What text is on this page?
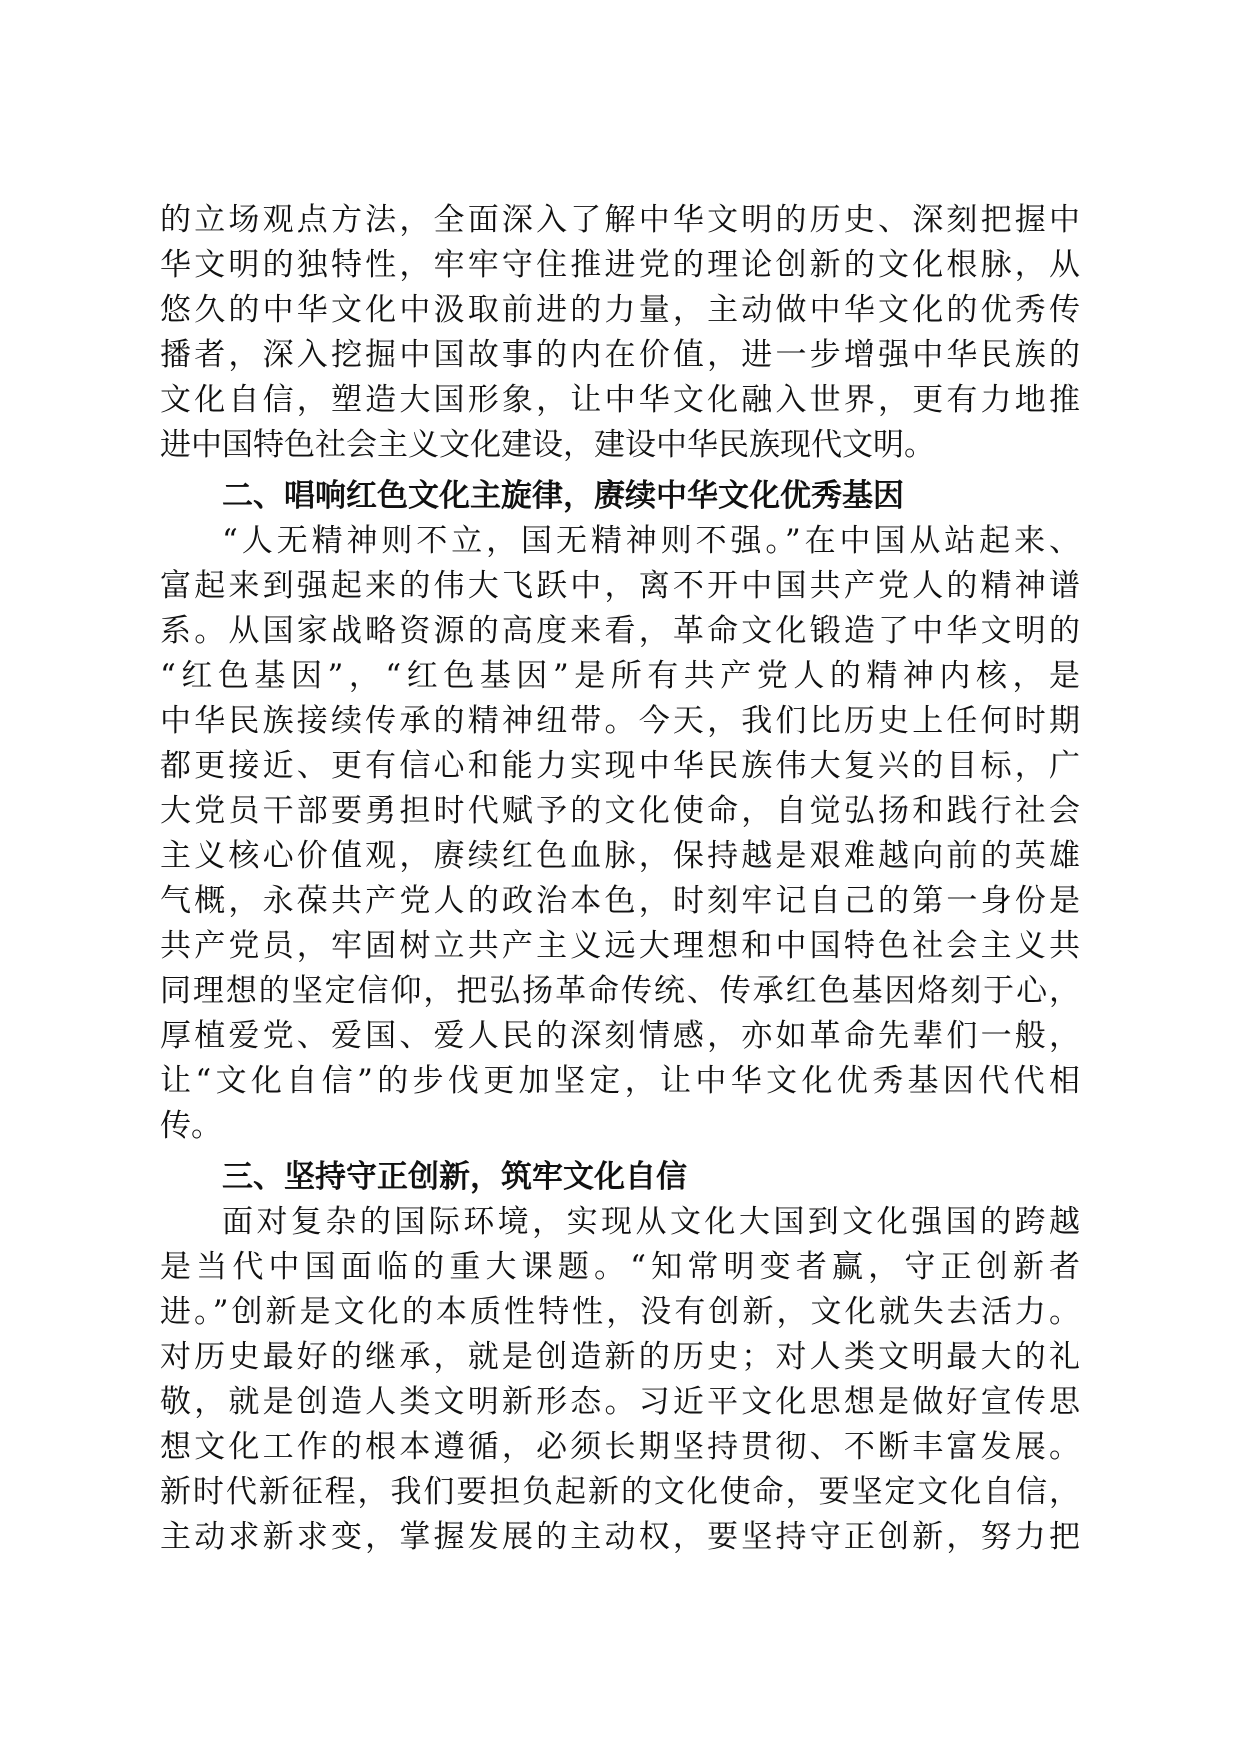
的立场观点方法，全面深入了解中华文明的历史、深刻把握中
华文明的独特性，牢牢守住推进党的理论创新的文化根脉，从
悠久的中华文化中汲取前进的力量，主动做中华文化的优秀传
播者，深入挖掘中国故事的内在价值，进一步增强中华民族的
文化自信，塑造大国形象，让中华文化融入世界，更有力地推
进中国特色社会主义文化建设，建设中华民族现代文明。
二、唱响红色文化主旋律，赓续中华文化优秀基因
“人无精神则不立，国无精神则不强。”在中国从站起来、
富起来到强起来的伟大飞跃中，离不开中国共产党人的精神谱
系。从国家战略资源的高度来看，革命文化锻造了中华文明的
“红色基因”，“红色基因”是所有共产党人的精神内核，是
中华民族接续传承的精神纽带。今天，我们比历史上任何时期
都更接近、更有信心和能力实现中华民族伟大复兴的目标，广
大党员干部要勇担时代赋予的文化使命，自觉弘扬和践行社会
主义核心价值观，赓续红色血脉，保持越是艰难越向前的英雄
气概，永葆共产党人的政治本色，时刻牢记自己的第一身份是
共产党员，牢固树立共产主义远大理想和中国特色社会主义共
同理想的坚定信仰，把弘扬革命传统、传承红色基因烙刻于心，
厚植爱党、爱国、爱人民的深刻情感，亦如革命先辈们一般，
让“文化自信”的步伐更加坚定，让中华文化优秀基因代代相
传。
三、坚持守正创新，筑牢文化自信
面对复杂的国际环境，实现从文化大国到文化强国的跨越
是当代中国面临的重大课题。“知常明变者赢，守正创新者
进。”创新是文化的本质性特性，没有创新，文化就失去活力。
对历史最好的继承，就是创造新的历史；对人类文明最大的礼
敬，就是创造人类文明新形态。习近平文化思想是做好宣传思
想文化工作的根本遵循，必须长期坚持贯彻、不断丰富发展。
新时代新征程，我们要担负起新的文化使命，要坚定文化自信，
主动求新求变，掌握发展的主动权，要坚持守正创新，努力把
